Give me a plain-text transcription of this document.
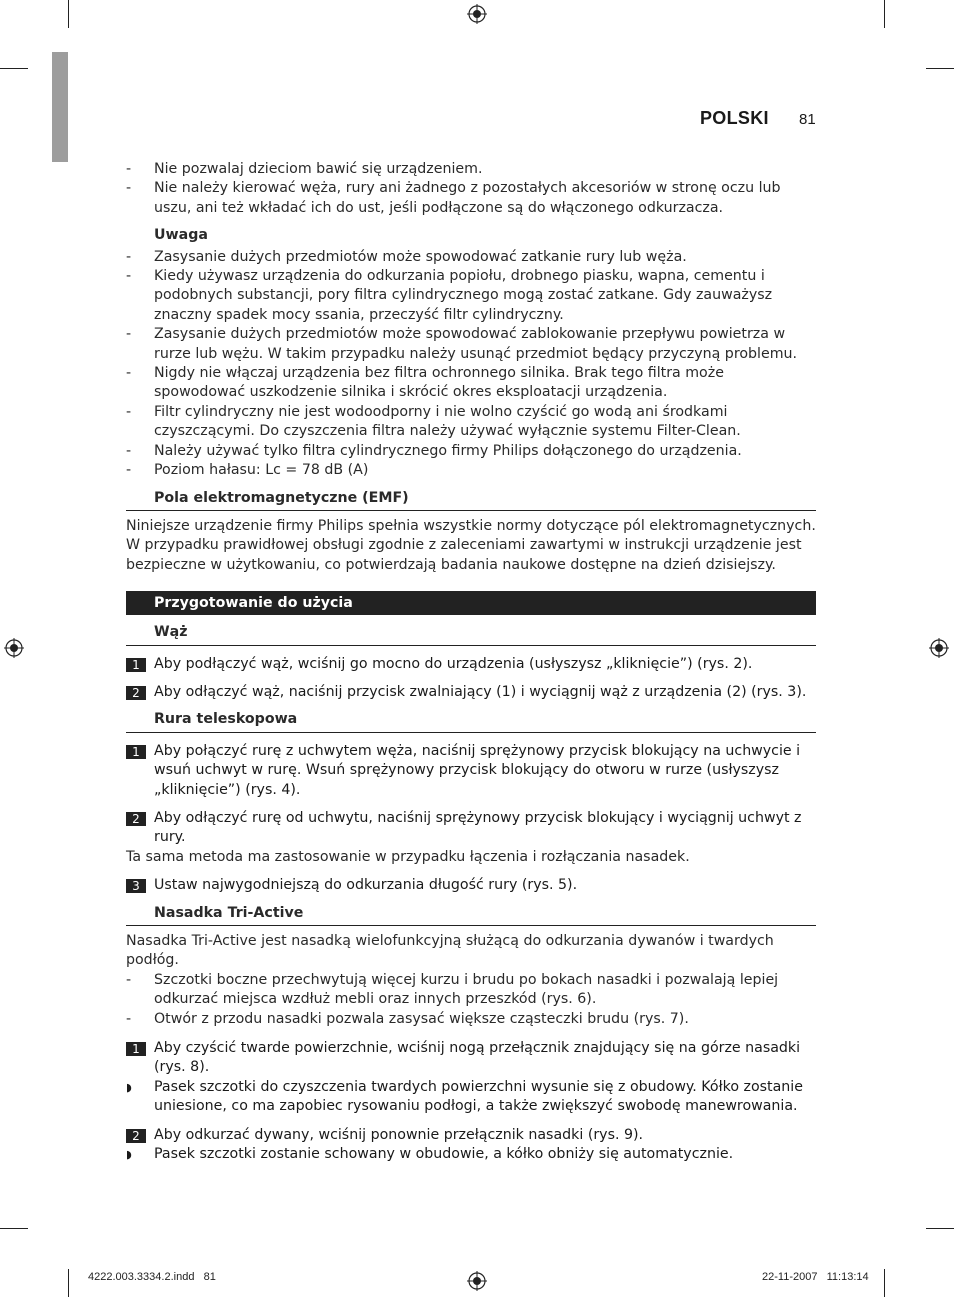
POLSKI 81
- Nie pozwalaj dzieciom bawić się urządzeniem.
- Nie należy kierować węża, rury ani żadnego z pozostałych akcesoriów w stronę oczu lub uszu, ani też wkładać ich do ust, jeśli podłączone są do włączonego odkurzacza.
Uwaga
- Zasysanie dużych przedmiotów może spowodować zatkanie rury lub węża.
- Kiedy używasz urządzenia do odkurzania popiołu, drobnego piasku, wapna, cementu i podobnych substancji, pory filtra cylindrycznego mogą zostać zatkane. Gdy zauważysz znaczny spadek mocy ssania, przeczyść filtr cylindryczny.
- Zasysanie dużych przedmiotów może spowodować zablokowanie przepływu powietrza w rurze lub wężu. W takim przypadku należy usunąć przedmiot będący przyczyną problemu.
- Nigdy nie włączaj urządzenia bez filtra ochronnego silnika. Brak tego filtra może spowodować uszkodzenie silnika i skrócić okres eksploatacji urządzenia.
- Filtr cylindryczny nie jest wodoodporny i nie wolno czyścić go wodą ani środkami czyszczącymi. Do czyszczenia filtra należy używać wyłącznie systemu Filter-Clean.
- Należy używać tylko filtra cylindrycznego firmy Philips dołączonego do urządzenia.
- Poziom hałasu: Lc = 78 dB (A)
Pola elektromagnetyczne (EMF)
Niniejsze urządzenie firmy Philips spełnia wszystkie normy dotyczące pól elektromagnetycznych. W przypadku prawidłowej obsługi zgodnie z zaleceniami zawartymi w instrukcji urządzenie jest bezpieczne w użytkowaniu, co potwierdzają badania naukowe dostępne na dzień dzisiejszy.
Przygotowanie do użycia
Wąż
1 Aby podłączyć wąż, wciśnij go mocno do urządzenia (usłyszysz „kliknięcie”) (rys. 2).
2 Aby odłączyć wąż, naciśnij przycisk zwalniający (1) i wyciągnij wąż z urządzenia (2) (rys. 3).
Rura teleskopowa
1 Aby połączyć rurę z uchwytem węża, naciśnij sprężynowy przycisk blokujący na uchwycie i wsuń uchwyt w rurę. Wsuń sprężynowy przycisk blokujący do otworu w rurze (usłyszysz „kliknięcie”) (rys. 4).
2 Aby odłączyć rurę od uchwytu, naciśnij sprężynowy przycisk blokujący i wyciągnij uchwyt z rury.
Ta sama metoda ma zastosowanie w przypadku łączenia i rozłączania nasadek.
3 Ustaw najwygodniejszą do odkurzania długość rury (rys. 5).
Nasadka Tri-Active
Nasadka Tri-Active jest nasadką wielofunkcyjną służącą do odkurzania dywanów i twardych podłóg.
- Szczotki boczne przechwytują więcej kurzu i brudu po bokach nasadki i pozwalają lepiej odkurzać miejsca wzdłuż mebli oraz innych przeszkód (rys. 6).
- Otwór z przodu nasadki pozwala zasysać większe cząsteczki brudu (rys. 7).
1 Aby czyścić twarde powierzchnie, wciśnij nogą przełącznik znajdujący się na górze nasadki (rys. 8).
◗ Pasek szczotki do czyszczenia twardych powierzchni wysunie się z obudowy. Kółko zostanie uniesione, co ma zapobiec rysowaniu podłogi, a także zwiększyć swobodę manewrowania.
2 Aby odkurzać dywany, wciśnij ponownie przełącznik nasadki (rys. 9).
◗ Pasek szczotki zostanie schowany w obudowie, a kółko obniży się automatycznie.
4222.003.3334.2.indd   81	22-11-2007   11:13:14
